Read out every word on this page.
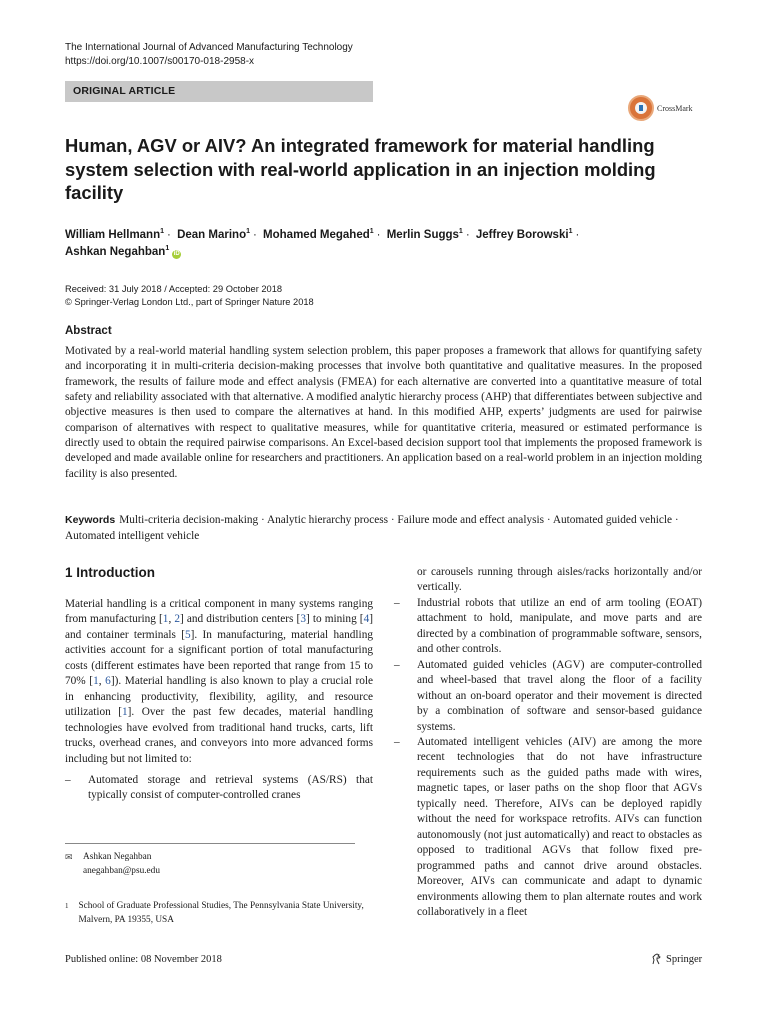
The International Journal of Advanced Manufacturing Technology
https://doi.org/10.1007/s00170-018-2958-x
ORIGINAL ARTICLE
CrossMark
Human, AGV or AIV? An integrated framework for material handling system selection with real-world application in an injection molding facility
William Hellmann$^1$ · Dean Marino$^1$ · Mohamed Megahed$^1$ · Merlin Suggs$^1$ · Jeffrey Borowski$^1$ ·
Ashkan Negahban$^1$iD
Received: 31 July 2018 / Accepted: 29 October 2018
© Springer-Verlag London Ltd., part of Springer Nature 2018
Abstract

Motivated by a real-world material handling system selection problem, this paper proposes a framework that allows for quantifying safety and incorporating it in multi-criteria decision-making processes that involve both quantitative and qualitative measures. In the proposed framework, the results of failure mode and effect analysis (FMEA) for each alternative are converted into a quantitative measure of total safety and reliability associated with that alternative. A modified analytic hierarchy process (AHP) that differentiates between subjective and objective measures is then used to compare the alternatives at hand. In this modified AHP, experts’ judgments are used for pairwise comparison of alternatives with respect to qualitative measures, while for quantitative criteria, measured or estimated performance is directly used to obtain the required pairwise comparisons. An Excel-based decision support tool that implements the proposed framework is developed and made available online for researchers and practitioners. An application based on a real-world problem in an injection molding facility is also presented.

Keywords Multi-criteria decision-making · Analytic hierarchy process · Failure mode and effect analysis · Automated guided vehicle · Automated intelligent vehicle
1 Introduction

Material handling is a critical component in many systems ranging from manufacturing [1, 2] and distribution centers [3] to mining [4] and container terminals [5]. In manufacturing, material handling activities account for a significant portion of total manufacturing costs (different estimates have been reported that range from 15 to 70% [1, 6]). Material handling is also known to play a crucial role in enhancing productivity, flexibility, agility, and resource utilization [1]. Over the past few decades, material handling technologies have evolved from traditional hand trucks, carts, lift trucks, overhead cranes, and conveyors into more advanced forms including but not limited to:

–	Automated storage and retrieval systems (AS/RS) that typically consist of computer-controlled cranes
or carousels running through aisles/racks horizontally and/or vertically.
–	Industrial robots that utilize an end of arm tooling (EOAT) attachment to hold, manipulate, and move parts and are directed by a combination of programmable software, sensors, and other controls.
–	Automated guided vehicles (AGV) are computer-controlled and wheel-based that travel along the floor of a facility without an on-board operator and their movement is directed by a combination of software and sensor-based guidance systems.
–	Automated intelligent vehicles (AIV) are among the more recent technologies that do not have infrastructure requirements such as the guided paths made with wires, magnetic tapes, or laser paths on the shop floor that AGVs typically need. Therefore, AIVs can be deployed rapidly without the need for workspace retrofits. AIVs can function autonomously (not just automatically) and react to obstacles as opposed to traditional AGVs that follow fixed pre-programmed paths and cannot drive around obstacles. Moreover, AIVs can communicate and adapt to dynamic environments allowing them to plan alternate routes and work collaboratively in a fleet
✉	Ashkan Negahban
anegahban@psu.edu
1	School of Graduate Professional Studies, The Pennsylvania State University, Malvern, PA 19355, USA
Published online: 08 November 2018	Springer
